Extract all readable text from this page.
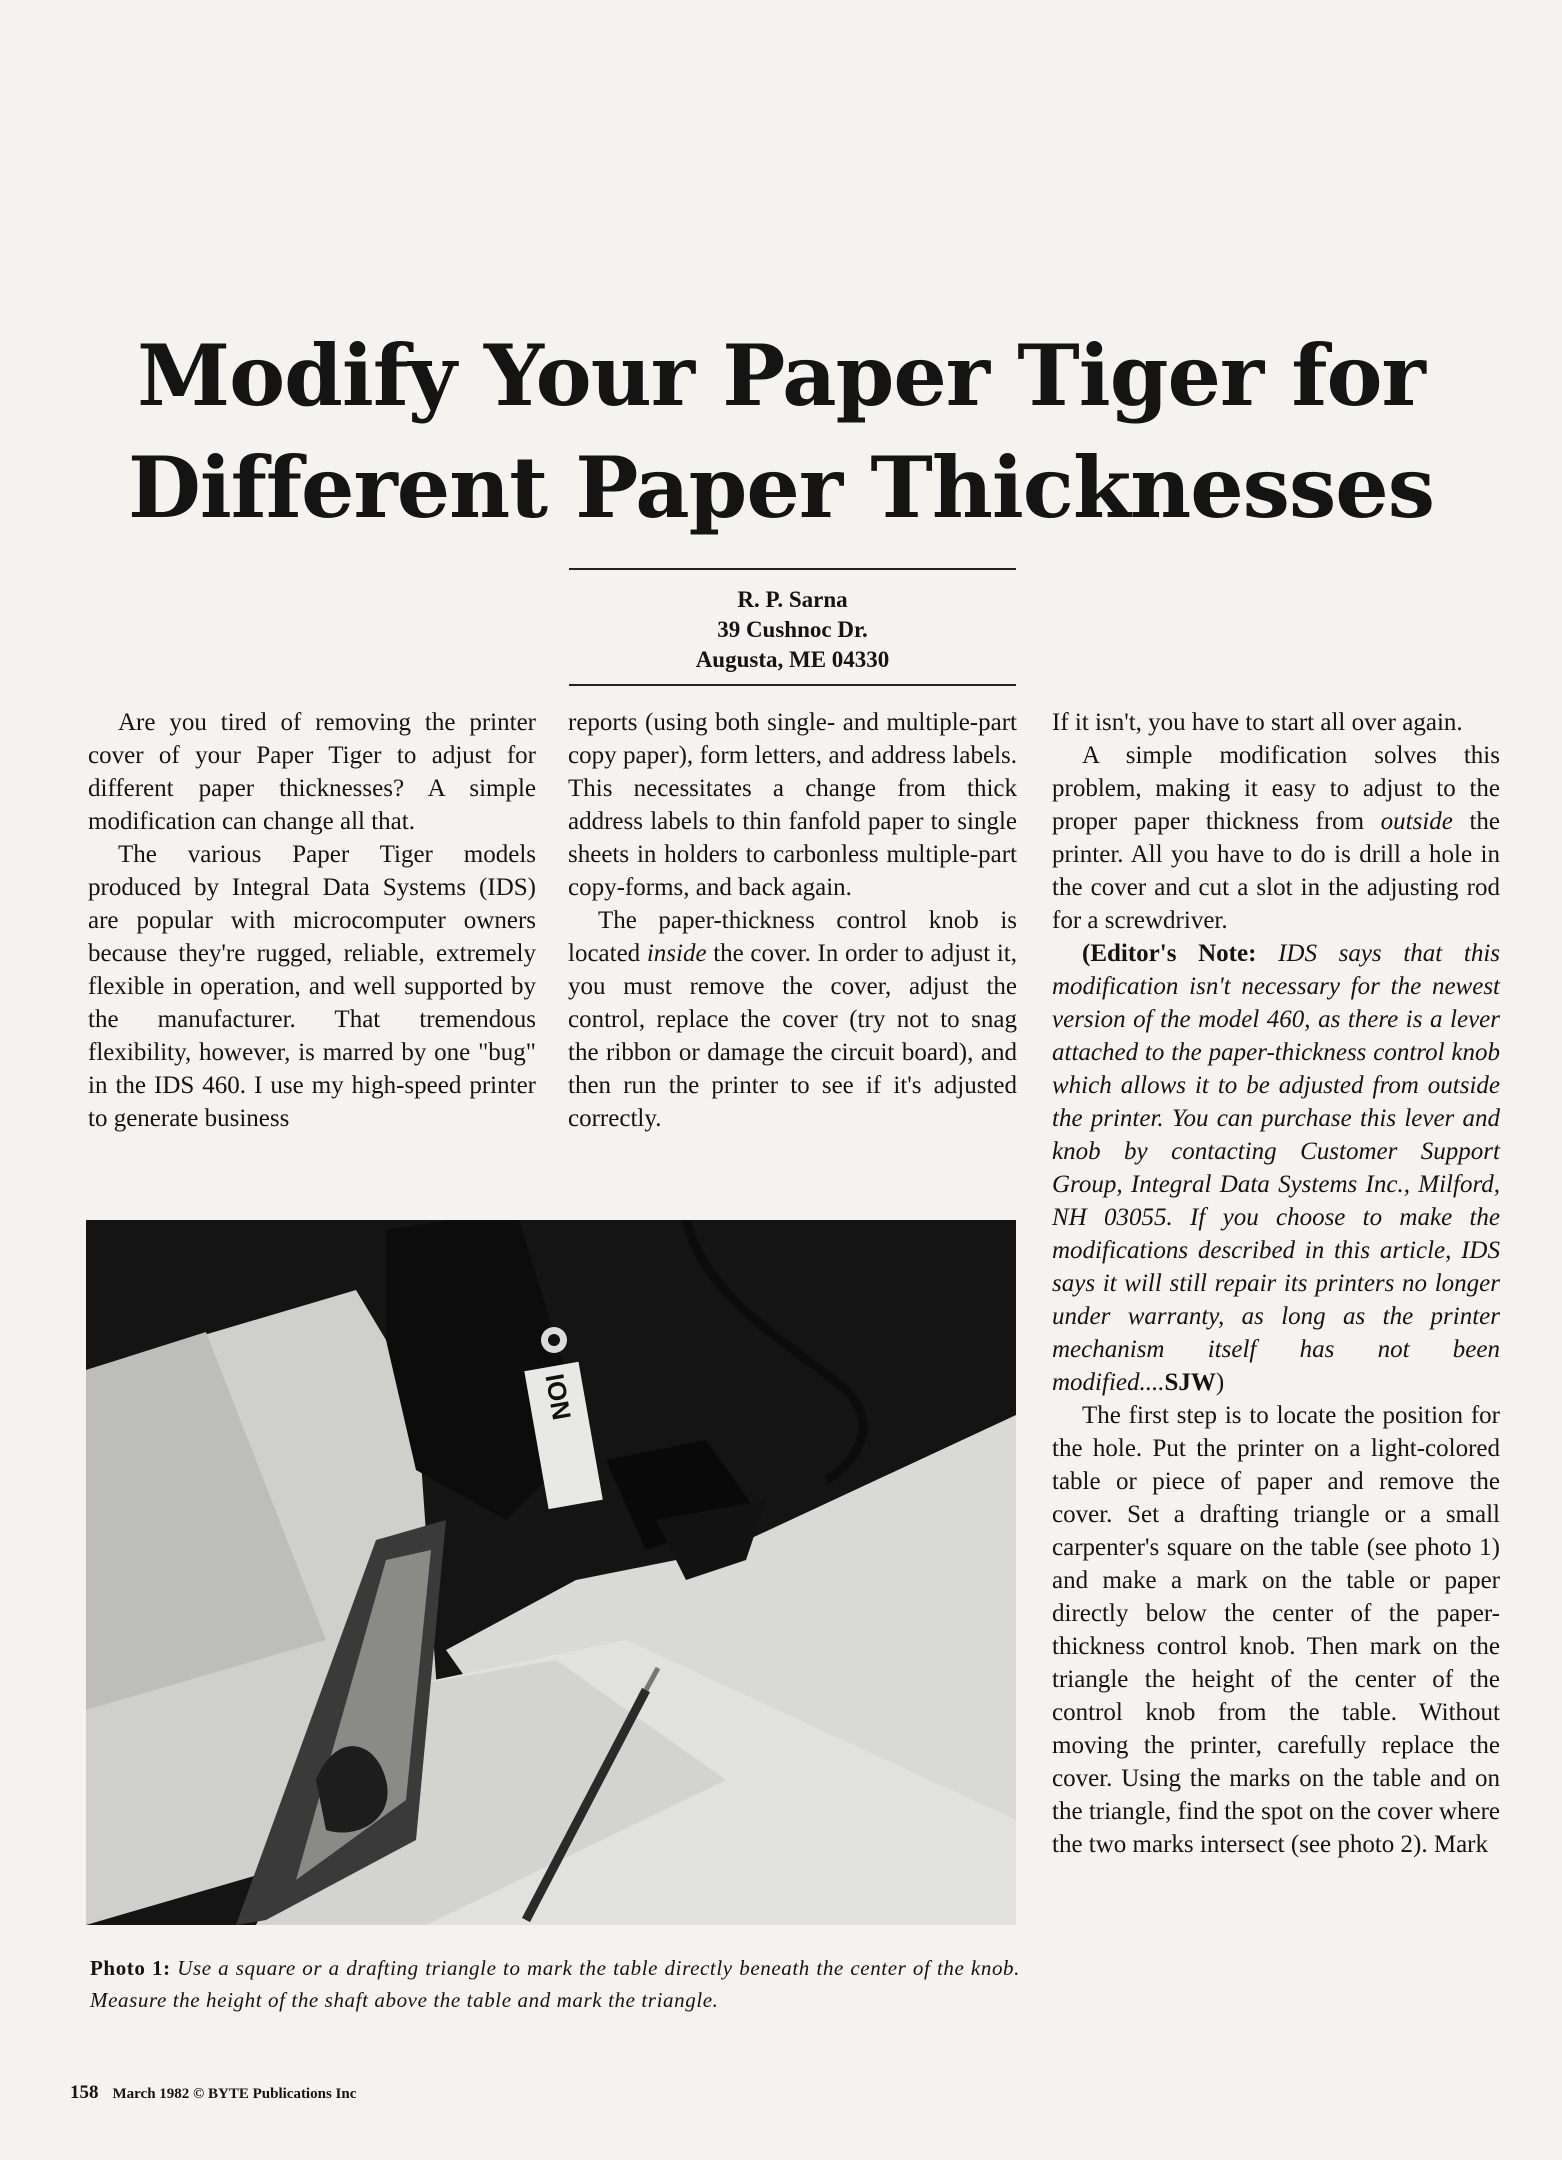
Modify Your Paper Tiger for
Different Paper Thicknesses
R. P. Sarna
39 Cushnoc Dr.
Augusta, ME 04330

Are you tired of removing the printer cover of your Paper Tiger to adjust for different paper thicknesses? A simple modification can change all that.

The various Paper Tiger models produced by Integral Data Systems (IDS) are popular with microcomputer owners because they're rugged, reliable, extremely flexible in operation, and well supported by the manufacturer. That tremendous flexibility, however, is marred by one "bug" in the IDS 460. I use my high-speed printer to generate business

reports (using both single- and multiple-part copy paper), form letters, and address labels. This necessitates a change from thick address labels to thin fanfold paper to single sheets in holders to carbonless multiple-part copy-forms, and back again.

The paper-thickness control knob is located inside the cover. In order to adjust it, you must remove the cover, adjust the control, replace the cover (try not to snag the ribbon or damage the circuit board), and then run the printer to see if it's adjusted correctly.

If it isn't, you have to start all over again.

A simple modification solves this problem, making it easy to adjust to the proper paper thickness from outside the printer. All you have to do is drill a hole in the cover and cut a slot in the adjusting rod for a screwdriver.

(Editor's Note: IDS says that this modification isn't necessary for the newest version of the model 460, as there is a lever attached to the paper-thickness control knob which allows it to be adjusted from outside the printer. You can purchase this lever and knob by contacting Customer Support Group, Integral Data Systems Inc., Milford, NH 03055. If you choose to make the modifications described in this article, IDS says it will still repair its printers no longer under warranty, as long as the printer mechanism itself has not been modified....SJW)

The first step is to locate the position for the hole. Put the printer on a light-colored table or piece of paper and remove the cover. Set a drafting triangle or a small carpenter's square on the table (see photo 1) and make a mark on the table or paper directly below the center of the paper-thickness control knob. Then mark on the triangle the height of the center of the control knob from the table. Without moving the printer, carefully replace the cover. Using the marks on the table and on the triangle, find the spot on the cover where the two marks intersect (see photo 2). Mark

ION
Photo 1: Use a square or a drafting triangle to mark the table directly beneath the center of the knob. Measure the height of the shaft above the table and mark the triangle.
158 March 1982 © BYTE Publications Inc
